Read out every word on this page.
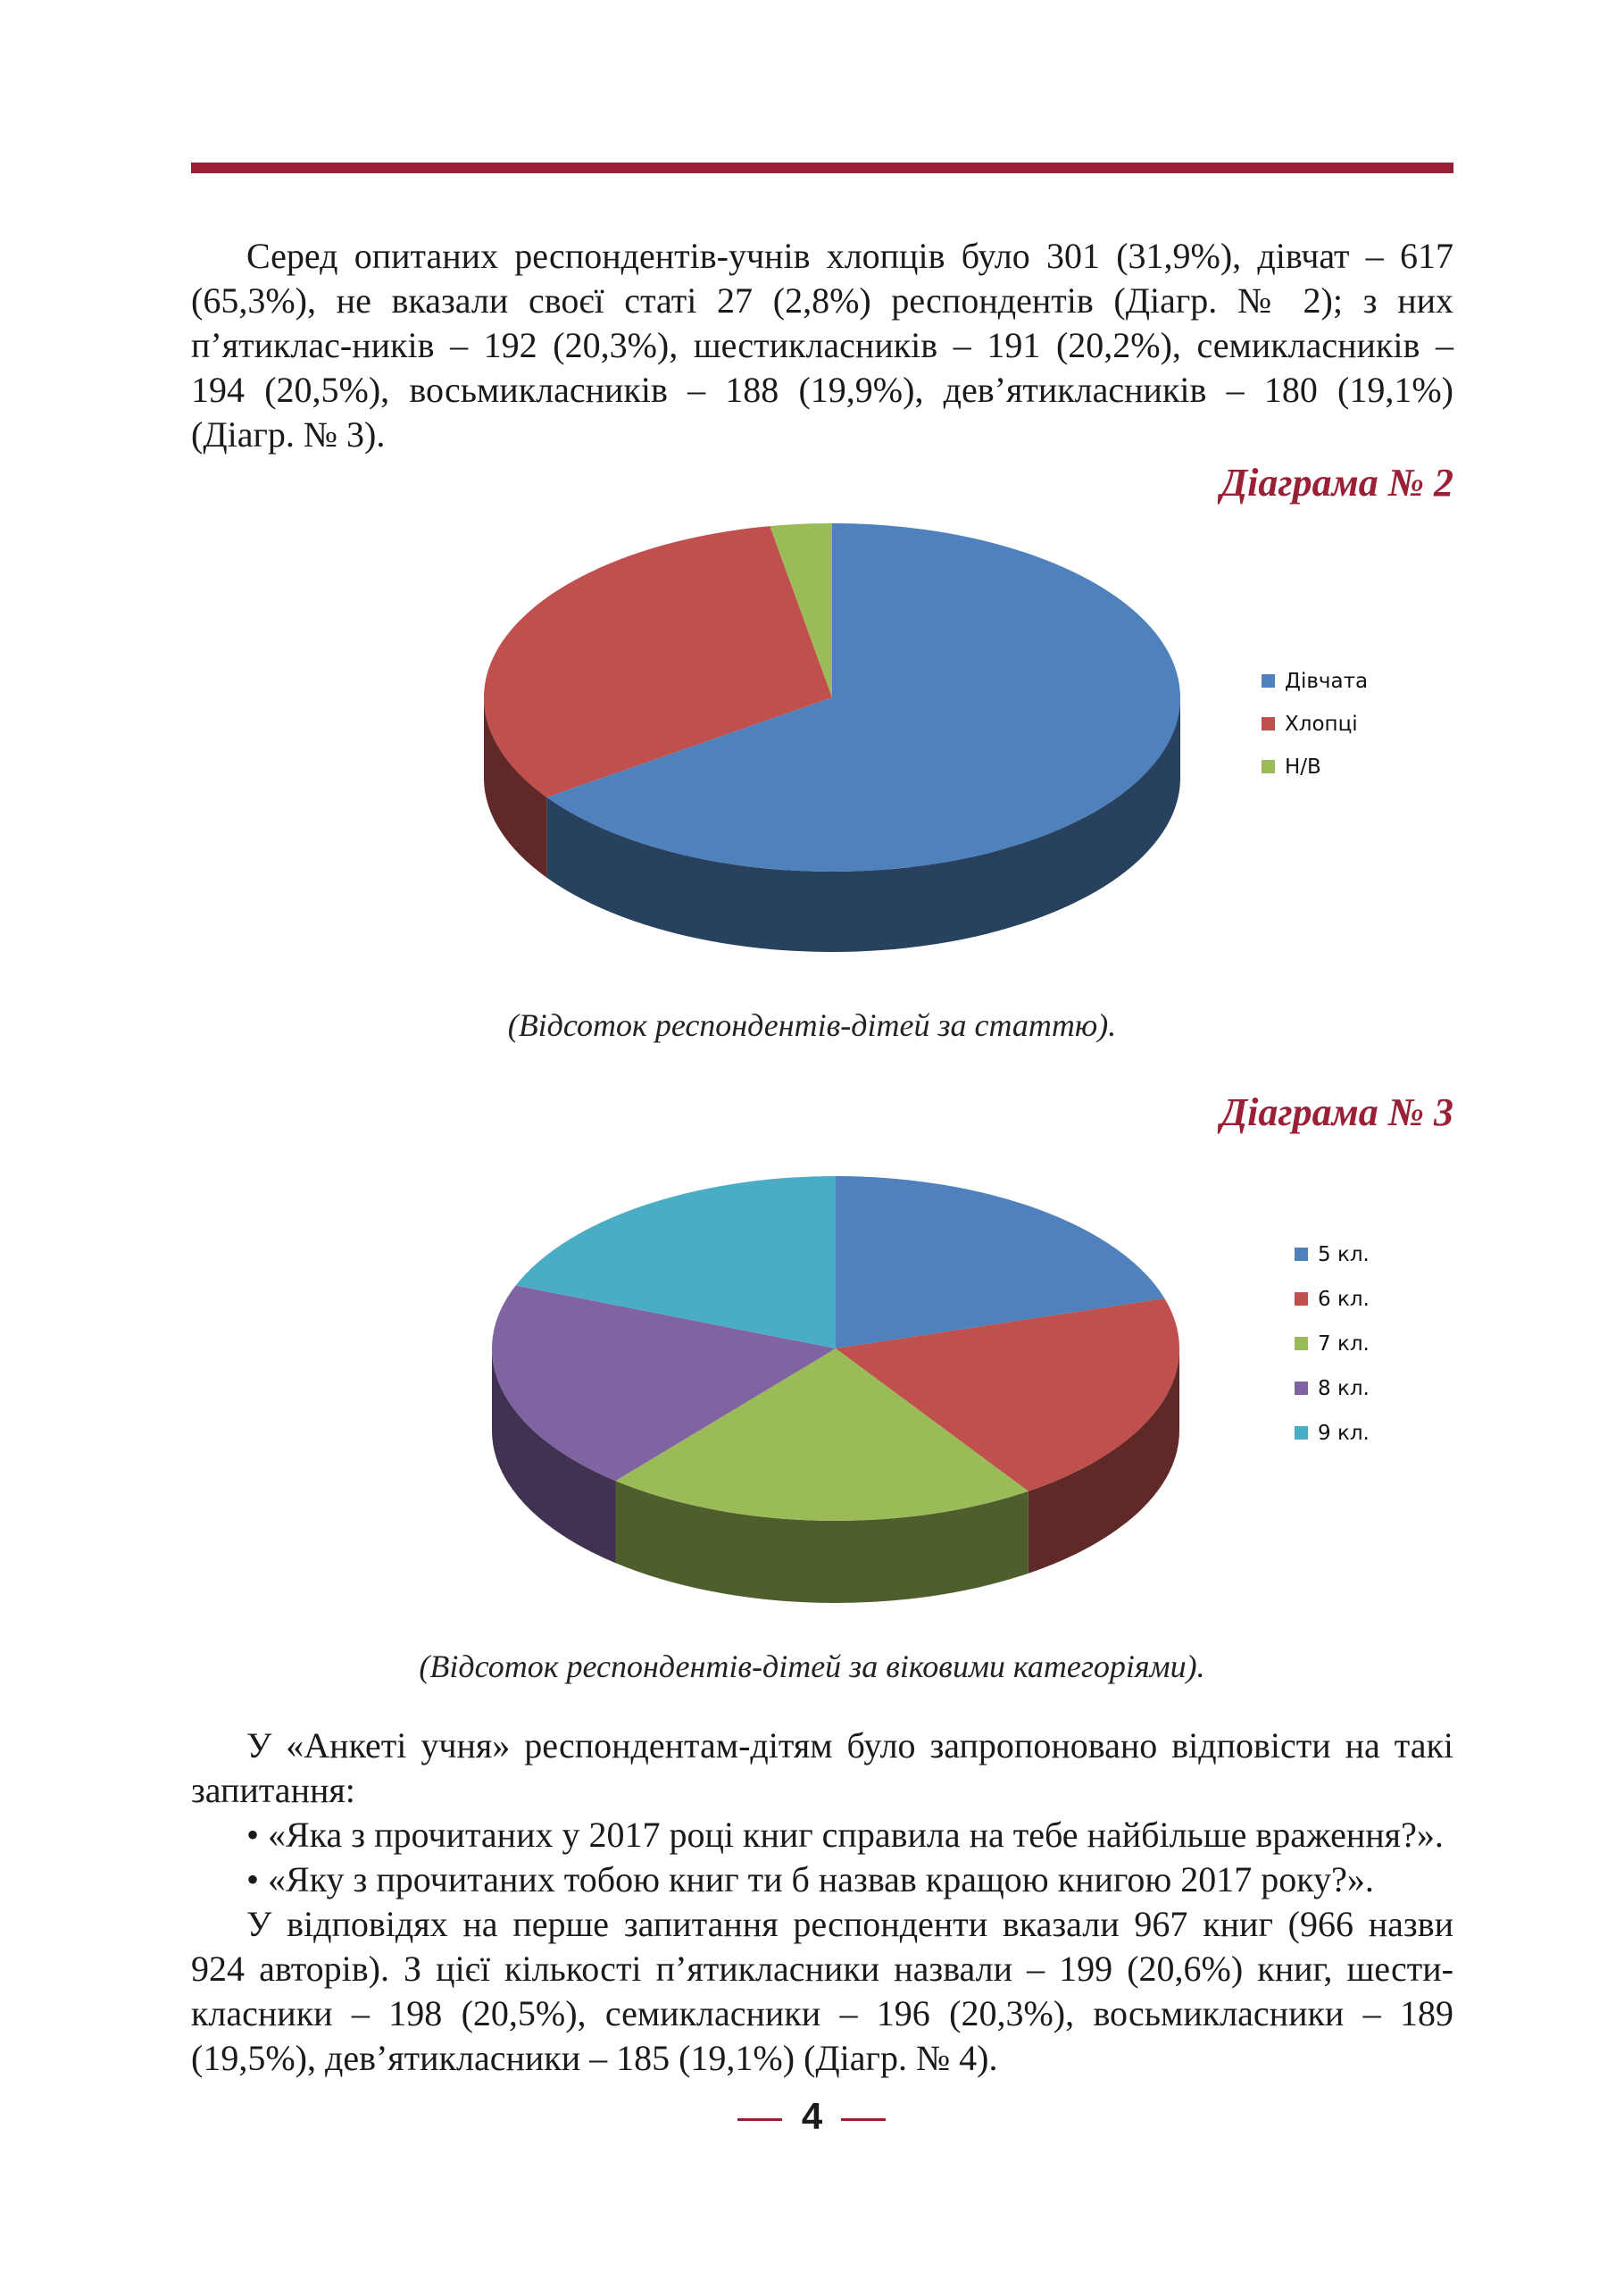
Серед опитаних респондентів-учнів хлопців було 301 (31,9%), дівчат – 617 (65,3%), не вказали своєї статі 27 (2,8%) респондентів (Діагр. № 2); з них п’ятиклас-ників – 192 (20,3%), шестикласників – 191 (20,2%), семикласників – 194 (20,5%), восьмикласників – 188 (19,9%), дев’ятикласників – 180 (19,1%) (Діагр. № 3).

Діаграма № 2

Дівчата
Хлопці
Н/В

(Відсоток респондентів-дітей за статтю).

Діаграма № 3

5 кл.
6 кл.
7 кл.
8 кл.
9 кл.

(Відсоток респондентів-дітей за віковими категоріями).

У «Анкеті учня» респондентам-дітям було запропоновано відповісти на такі запитання:

• «Яка з прочитаних у 2017 році книг справила на тебе найбільше враження?».

• «Яку з прочитаних тобою книг ти б назвав кращою книгою 2017 року?».

У відповідях на перше запитання респонденти вказали 967 книг (966 назви 924 авторів). З цієї кількості п’ятикласники назвали – 199 (20,6%) книг, шести-класники – 198 (20,5%), семикласники – 196 (20,3%), восьмикласники – 189 (19,5%), дев’ятикласники – 185 (19,1%) (Діагр. № 4).

4
